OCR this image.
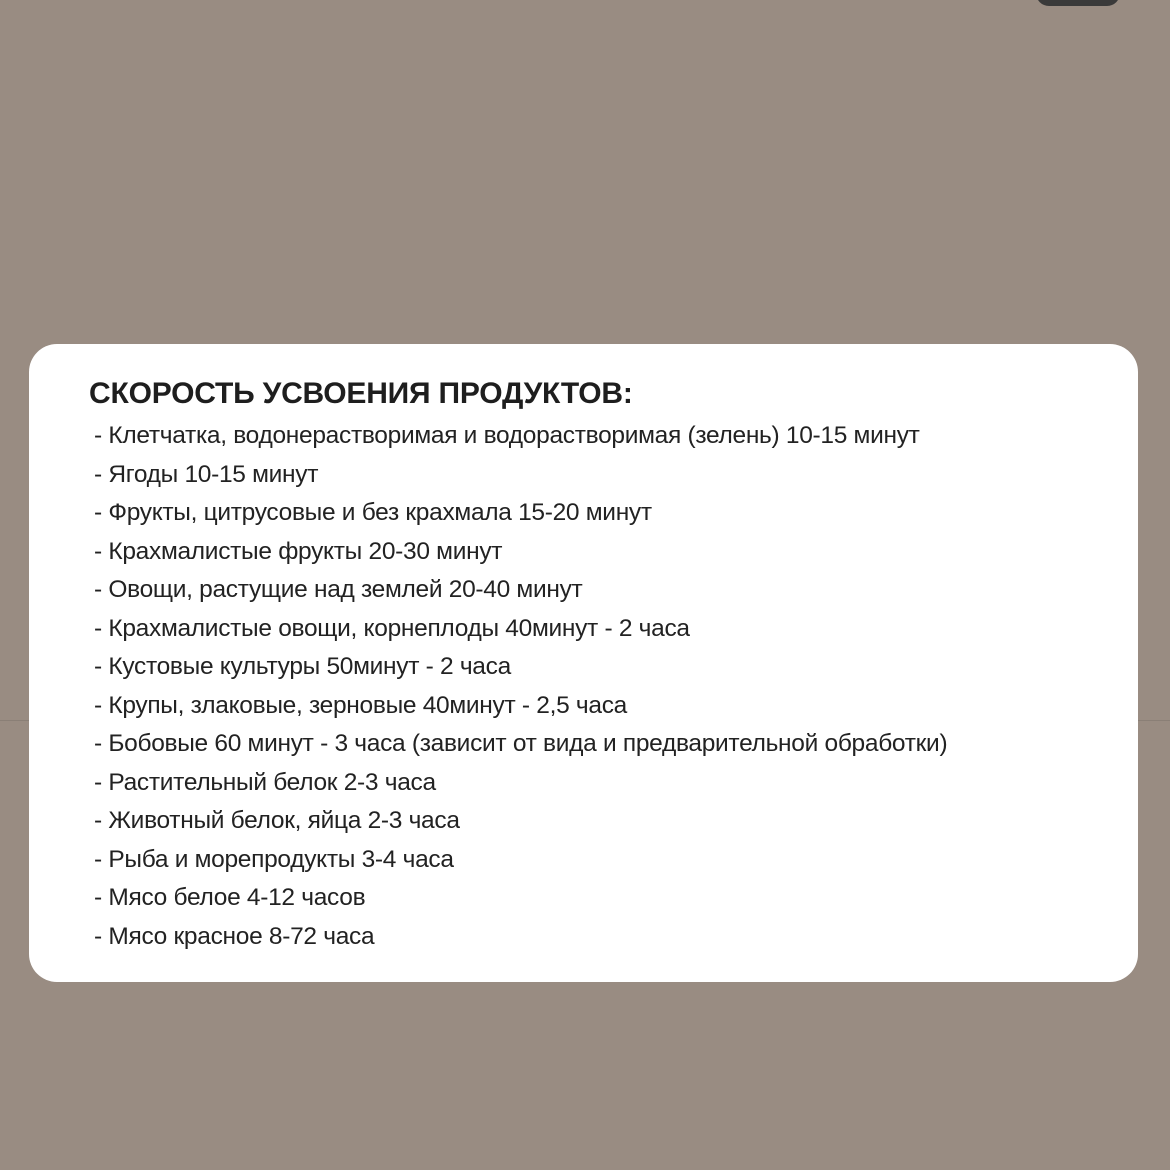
СКОРОСТЬ УСВОЕНИЯ ПРОДУКТОВ:
- Клетчатка, водонерастворимая и водорастворимая (зелень) 10-15 минут
- Ягоды 10-15 минут
- Фрукты, цитрусовые и без крахмала 15-20 минут
- Крахмалистые фрукты 20-30 минут
- Овощи, растущие над землей 20-40 минут
- Крахмалистые овощи, корнеплоды 40минут - 2 часа
- Кустовые культуры 50минут - 2 часа
- Крупы, злаковые, зерновые 40минут - 2,5 часа
- Бобовые 60 минут - 3 часа (зависит от вида и предварительной обработки)
- Растительный белок 2-3 часа
- Животный белок, яйца 2-3 часа
- Рыба и морепродукты 3-4 часа
- Мясо белое 4-12 часов
- Мясо красное 8-72 часа
